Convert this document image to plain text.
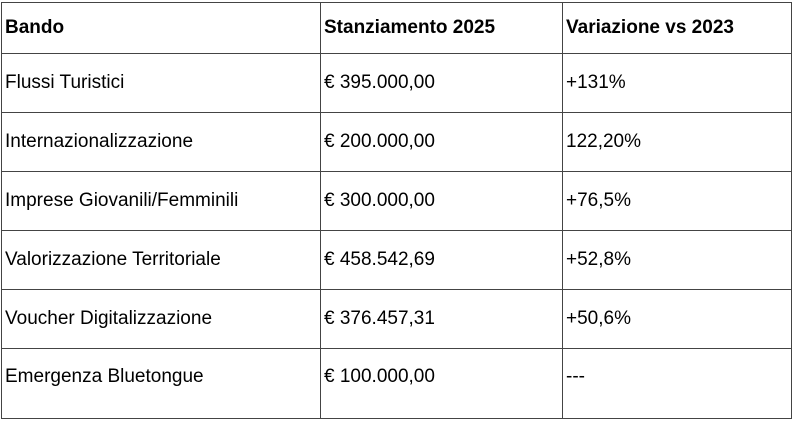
Bando	Stanziamento 2025	Variazione vs 2023
Flussi Turistici	€ 395.000,00	+131%
Internazionalizzazione	€ 200.000,00	122,20%
Imprese Giovanili/Femminili	€ 300.000,00	+76,5%
Valorizzazione Territoriale	€ 458.542,69	+52,8%
Voucher Digitalizzazione	€ 376.457,31	+50,6%
Emergenza Bluetongue	€ 100.000,00	---
